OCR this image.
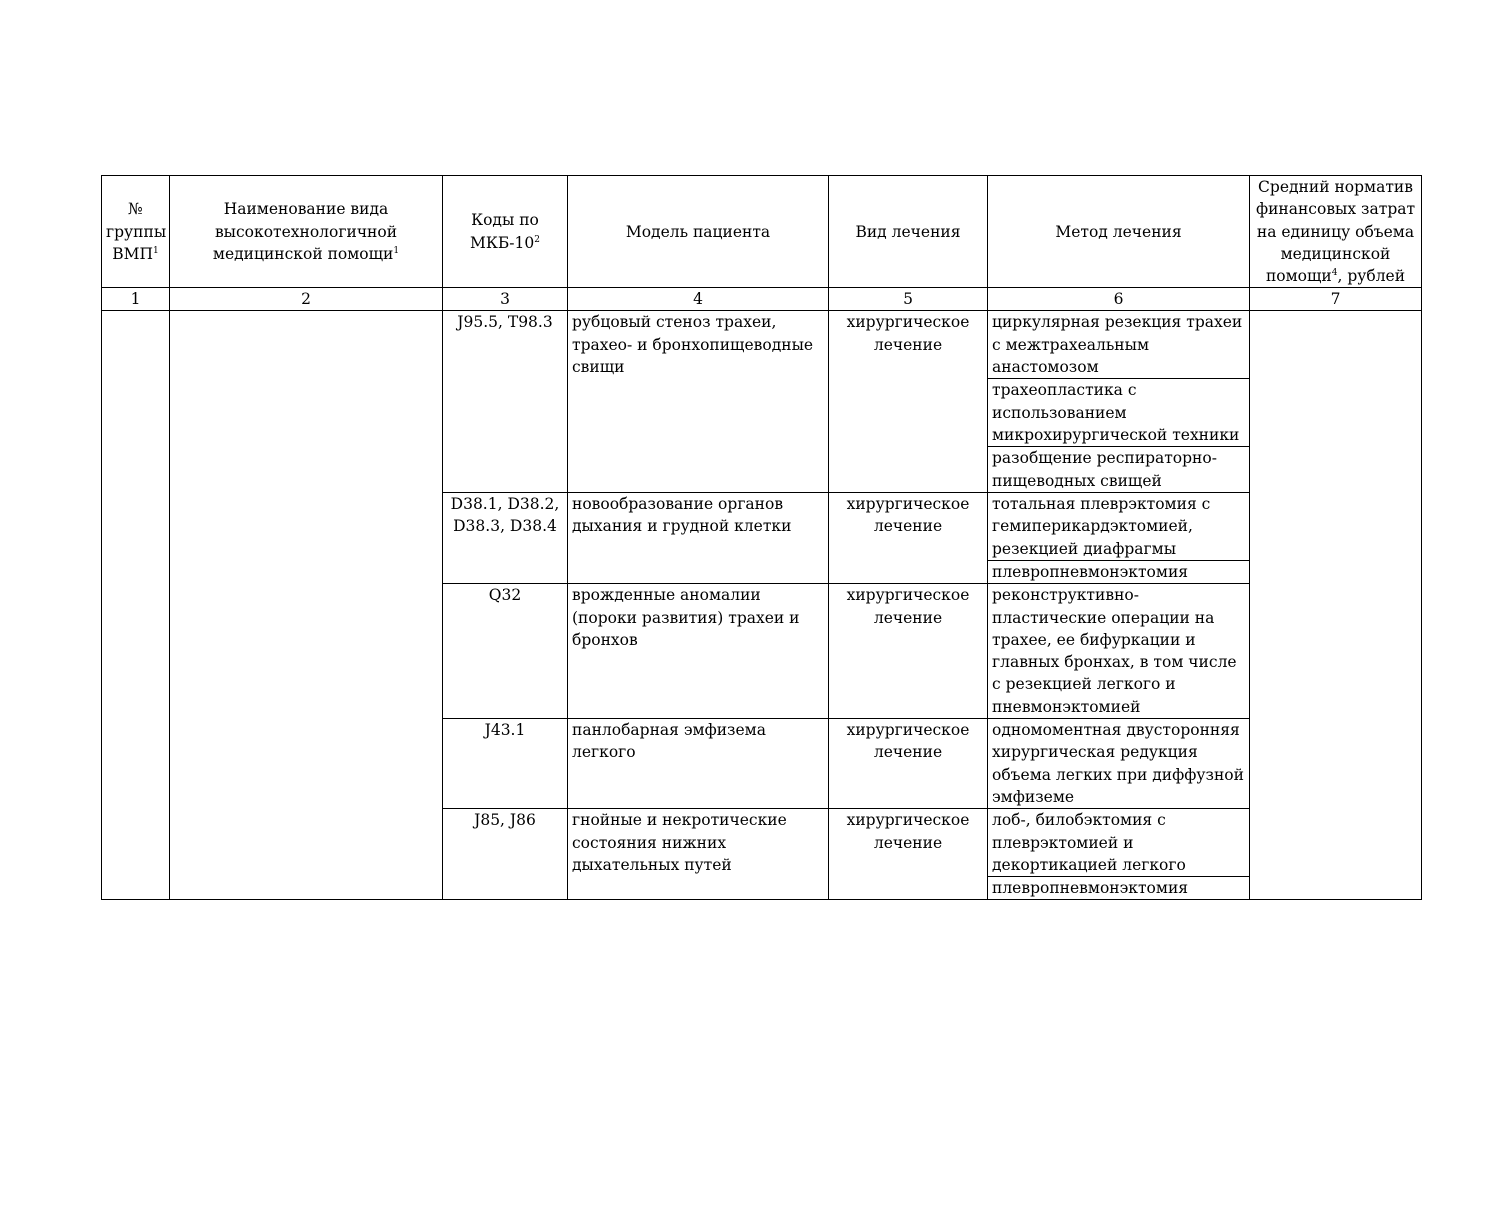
№ группы ВМП$^1$	Наименование вида высокотехнологичной медицинской помощи$^1$	Коды по МКБ-$10^2$	Модель пациента	Вид лечения	Метод лечения	Средний норматив финансовых затрат на единицу объема медицинской помощи$^4$, рублей
1	2	3	4	5	6	7
		J95.5, T98.3	рубцовый стеноз трахеи, трахео- и бронхопищеводные свищи	хирургическое лечение	циркулярная резекция трахеи с межтрахеальным анастомозом	
					трахеопластика с использованием микрохирургической техники	
					разобщение респираторно-пищеводных свищей	
		D38.1, D38.2, D38.3, D38.4	новообразование органов дыхания и грудной клетки	хирургическое лечение	тотальная плеврэктомия с гемиперикардэктомией, резекцией диафрагмы	
					плевропневмонэктомия	
		Q32	врожденные аномалии (пороки развития) трахеи и бронхов	хирургическое лечение	реконструктивно-пластические операции на трахее, ее бифуркации и главных бронхах, в том числе с резекцией легкого и пневмонэктомией	
		J43.1	панлобарная эмфизема легкого	хирургическое лечение	одномоментная двусторонняя хирургическая редукция объема легких при диффузной эмфиземе	
		J85, J86	гнойные и некротические состояния нижних дыхательных путей	хирургическое лечение	лоб-, билобэктомия с плеврэктомией и декортикацией легкого	
					плевропневмонэктомия	
